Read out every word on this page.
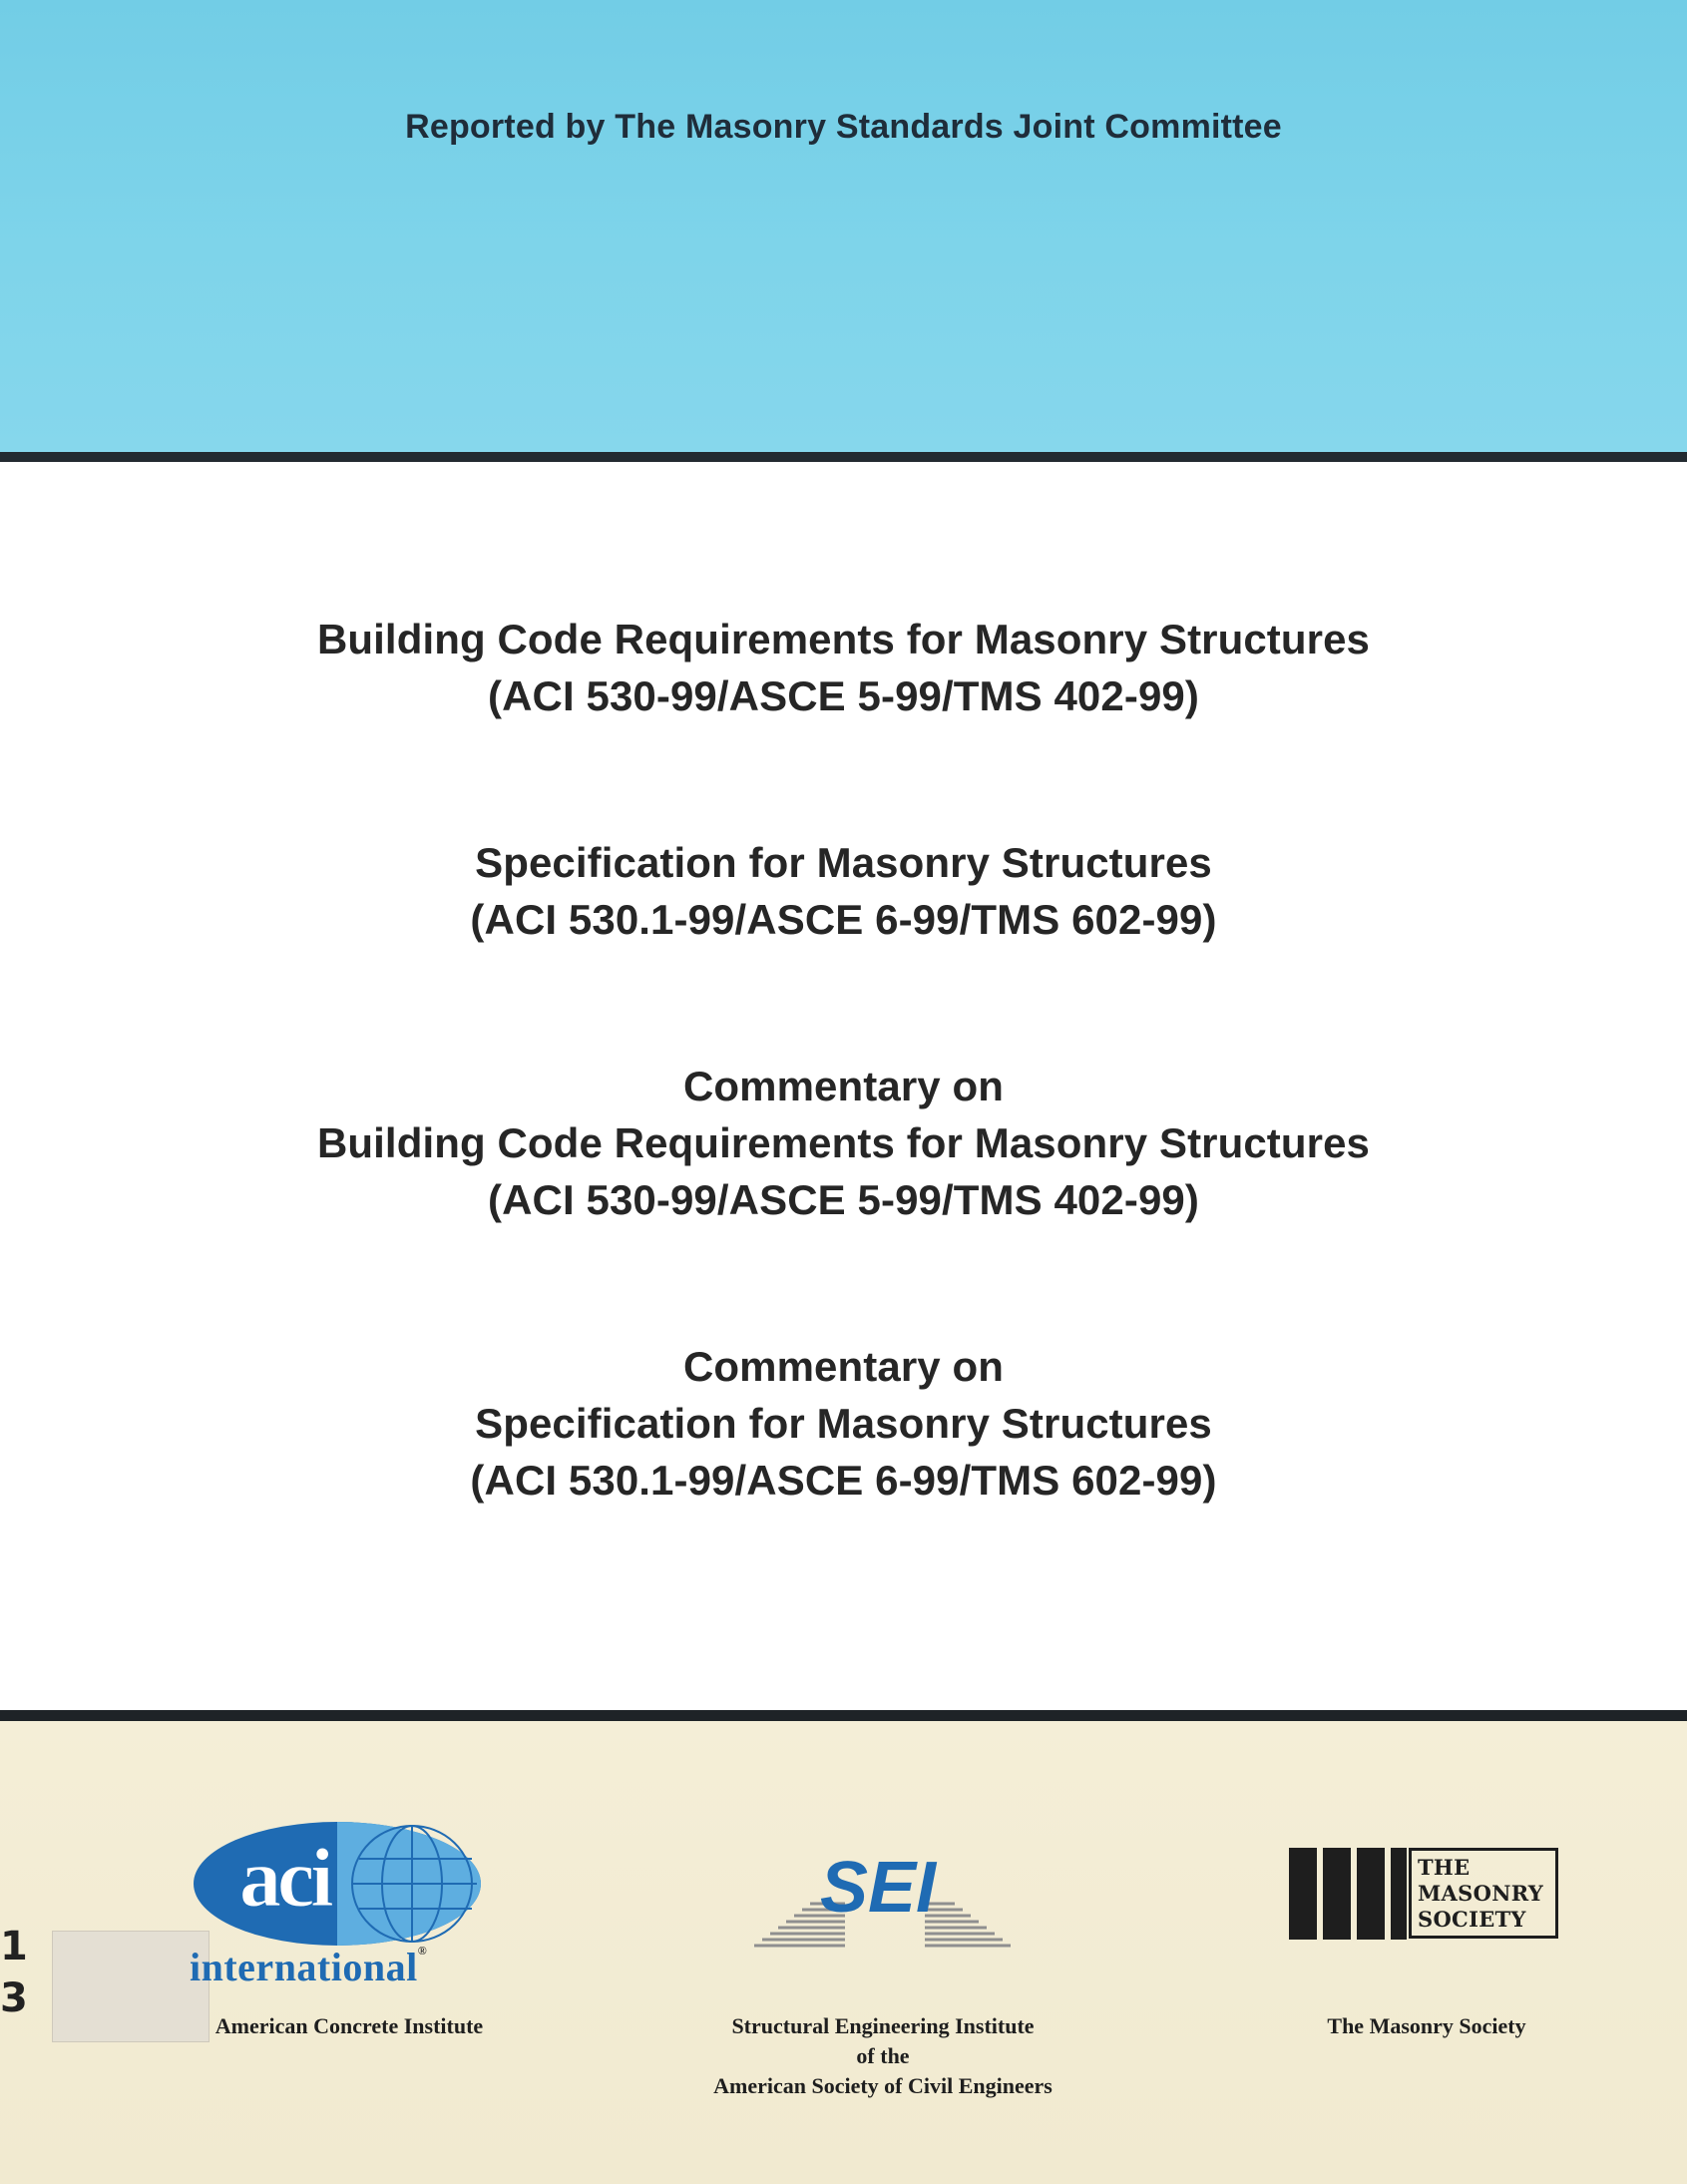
Reported by The Masonry Standards Joint Committee
Building Code Requirements for Masonry Structures
(ACI 530-99/ASCE 5-99/TMS 402-99)
Specification for Masonry Structures
(ACI 530.1-99/ASCE 6-99/TMS 602-99)
Commentary on
Building Code Requirements for Masonry Structures
(ACI 530-99/ASCE 5-99/TMS 402-99)
Commentary on
Specification for Masonry Structures
(ACI 530.1-99/ASCE 6-99/TMS 602-99)
1
3
aci
international®
American Concrete Institute
SEI
Structural Engineering Institute
of the
American Society of Civil Engineers
THE
MASONRY
SOCIETY
The Masonry Society
